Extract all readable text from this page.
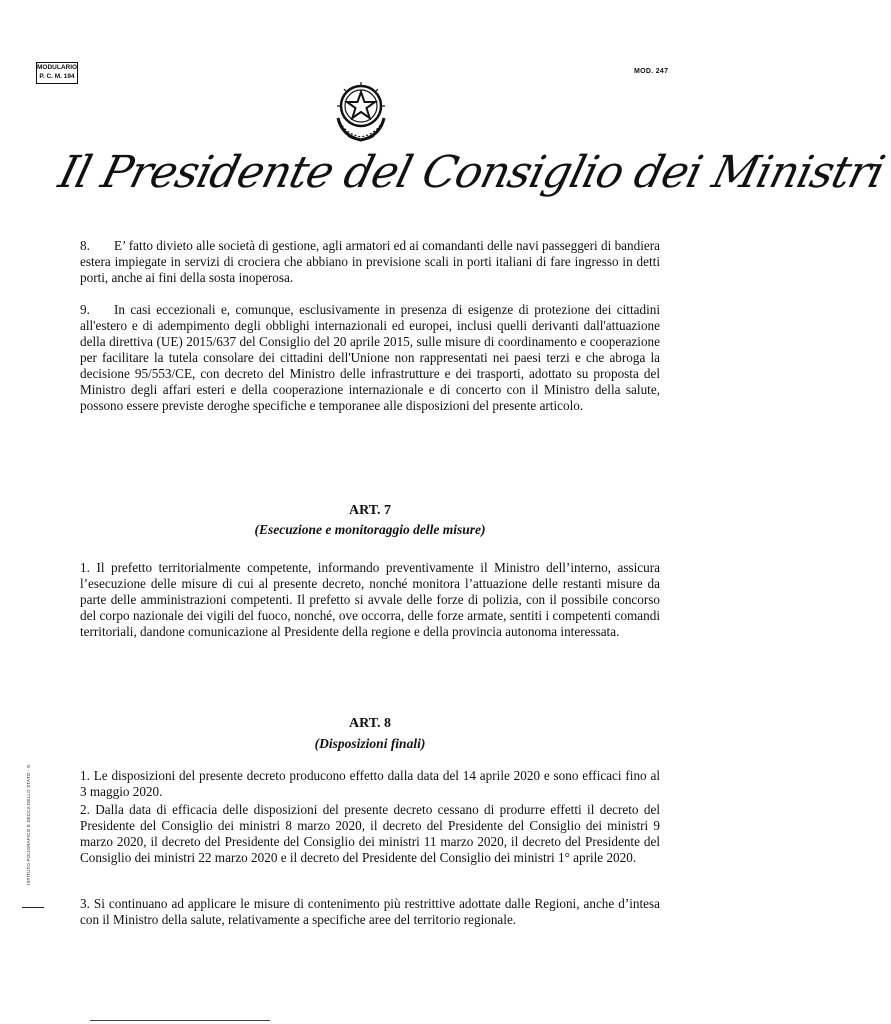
MODULARIO
P. C. M. 194
MOD. 247
Il Presidente del Consiglio dei Ministri

8. E’ fatto divieto alle società di gestione, agli armatori ed ai comandanti delle navi passeggeri di bandiera estera impiegate in servizi di crociera che abbiano in previsione scali in porti italiani di fare ingresso in detti porti, anche ai fini della sosta inoperosa.

9. In casi eccezionali e, comunque, esclusivamente in presenza di esigenze di protezione dei cittadini all'estero e di adempimento degli obblighi internazionali ed europei, inclusi quelli derivanti dall'attuazione della direttiva (UE) 2015/637 del Consiglio del 20 aprile 2015, sulle misure di coordinamento e cooperazione per facilitare la tutela consolare dei cittadini dell'Unione non rappresentati nei paesi terzi e che abroga la decisione 95/553/CE, con decreto del Ministro delle infrastrutture e dei trasporti, adottato su proposta del Ministro degli affari esteri e della cooperazione internazionale e di concerto con il Ministro della salute, possono essere previste deroghe specifiche e temporanee alle disposizioni del presente articolo.

ART. 7

(Esecuzione e monitoraggio delle misure)

1. Il prefetto territorialmente competente, informando preventivamente il Ministro dell’interno, assicura l’esecuzione delle misure di cui al presente decreto, nonché monitora l’attuazione delle restanti misure da parte delle amministrazioni competenti. Il prefetto si avvale delle forze di polizia, con il possibile concorso del corpo nazionale dei vigili del fuoco, nonché, ove occorra, delle forze armate, sentiti i competenti comandi territoriali, dandone comunicazione al Presidente della regione e della provincia autonoma interessata.

ART. 8

(Disposizioni finali)

1. Le disposizioni del presente decreto producono effetto dalla data del 14 aprile 2020 e sono efficaci fino al 3 maggio 2020.

2. Dalla data di efficacia delle disposizioni del presente decreto cessano di produrre effetti il decreto del Presidente del Consiglio dei ministri 8 marzo 2020, il decreto del Presidente del Consiglio dei ministri 9 marzo 2020, il decreto del Presidente del Consiglio dei ministri 11 marzo 2020, il decreto del Presidente del Consiglio dei ministri 22 marzo 2020 e il decreto del Presidente del Consiglio dei ministri 1° aprile 2020.

3. Si continuano ad applicare le misure di contenimento più restrittive adottate dalle Regioni, anche d’intesa con il Ministro della salute, relativamente a specifiche aree del territorio regionale.

ISTITUTO POLIGRAFICO E ZECCA DELLO STATO - S.
